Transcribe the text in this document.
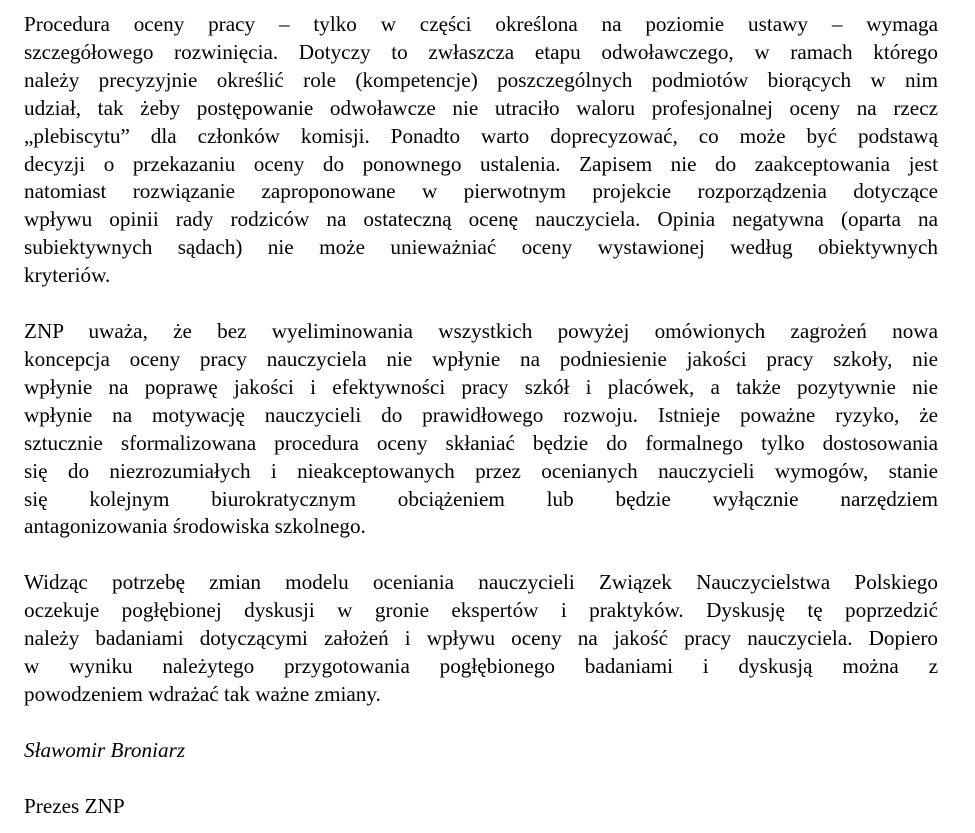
Procedura oceny pracy – tylko w części określona na poziomie ustawy – wymaga
szczegółowego rozwinięcia. Dotyczy to zwłaszcza etapu odwoławczego, w ramach którego
należy precyzyjnie określić role (kompetencje) poszczególnych podmiotów biorących w nim
udział, tak żeby postępowanie odwoławcze nie utraciło waloru profesjonalnej oceny na rzecz
„plebiscytu” dla członków komisji. Ponadto warto doprecyzować, co może być podstawą
decyzji o przekazaniu oceny do ponownego ustalenia. Zapisem nie do zaakceptowania jest
natomiast rozwiązanie zaproponowane w pierwotnym projekcie rozporządzenia dotyczące
wpływu opinii rady rodziców na ostateczną ocenę nauczyciela. Opinia negatywna (oparta na
subiektywnych sądach) nie może unieważniać oceny wystawionej według obiektywnych
kryteriów.
ZNP uważa, że bez wyeliminowania wszystkich powyżej omówionych zagrożeń nowa
koncepcja oceny pracy nauczyciela nie wpłynie na podniesienie jakości pracy szkoły, nie
wpłynie na poprawę jakości i efektywności pracy szkół i placówek, a także pozytywnie nie
wpłynie na motywację nauczycieli do prawidłowego rozwoju. Istnieje poważne ryzyko, że
sztucznie sformalizowana procedura oceny skłaniać będzie do formalnego tylko dostosowania
się do niezrozumiałych i nieakceptowanych przez ocenianych nauczycieli wymogów, stanie
się kolejnym biurokratycznym obciążeniem lub będzie wyłącznie narzędziem
antagonizowania środowiska szkolnego.
Widząc potrzebę zmian modelu oceniania nauczycieli Związek Nauczycielstwa Polskiego
oczekuje pogłębionej dyskusji w gronie ekspertów i praktyków. Dyskusję tę poprzedzić
należy badaniami dotyczącymi założeń i wpływu oceny na jakość pracy nauczyciela. Dopiero
w wyniku należytego przygotowania pogłębionego badaniami i dyskusją można z
powodzeniem wdrażać tak ważne zmiany.

Sławomir Broniarz

Prezes ZNP
